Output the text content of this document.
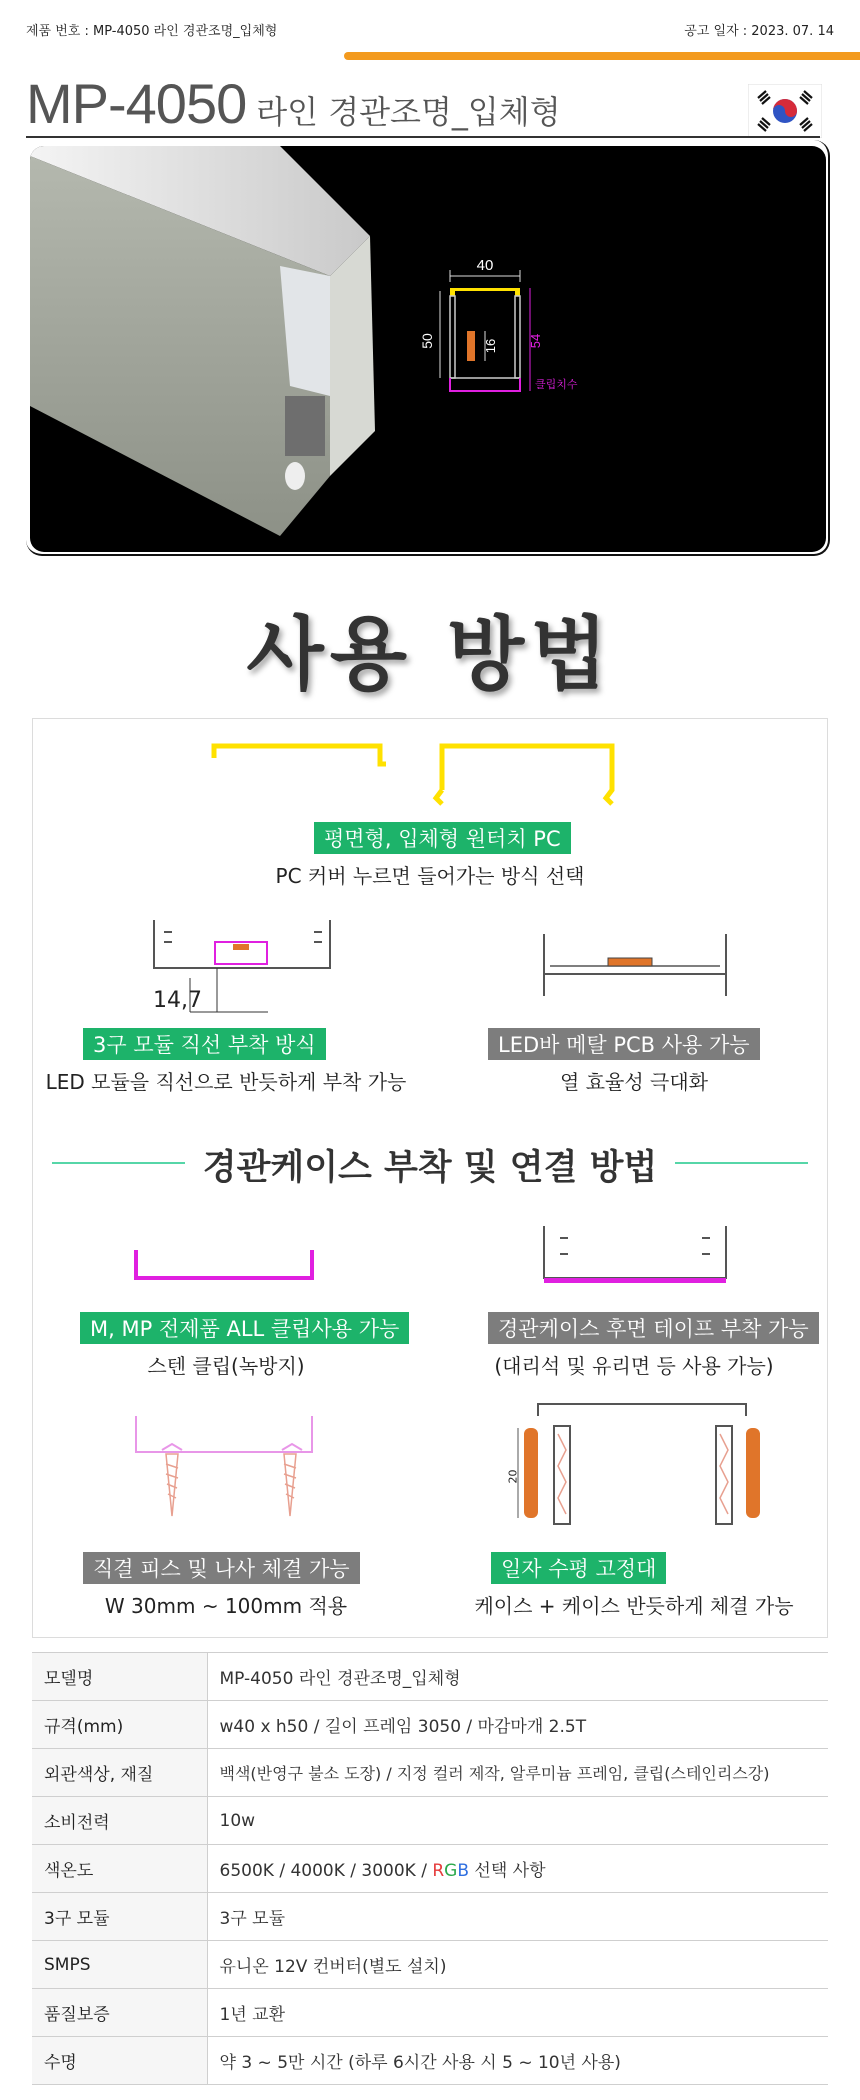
제품 번호 : MP-4050 라인 경관조명_입체형	공고 일자 : 2023. 07. 14
MP-4050 라인 경관조명_입체형
40
50	16 54
클립치수
사용 방법
평면형, 입체형 원터치 PC
PC 커버 누르면 들어가는 방식 선택
14,7
3구 모듈 직선 부착 방식
LED 모듈을 직선으로 반듯하게 부착 가능
LED바 메탈 PCB 사용 가능
열 효율성 극대화
경관케이스 부착 및 연결 방법
M, MP 전제품 ALL 클립사용 가능
스텐 클립(녹방지)
경관케이스 후면 테이프 부착 가능
(대리석 및 유리면 등 사용 가능)
직결 피스 및 나사 체결 가능
W 30mm ~ 100mm 적용
20
일자 수평 고정대
케이스 + 케이스 반듯하게 체결 가능
모델명	MP-4050 라인 경관조명_입체형
규격(mm)	w40 x h50 / 길이 프레임 3050 / 마감마개 2.5T
외관색상, 재질	백색(반영구 불소 도장) / 지정 컬러 제작, 알루미늄 프레임, 클립(스테인리스강)
소비전력	10w
색온도	6500K / 4000K / 3000K / RGB 선택 사항
3구 모듈	3구 모듈
SMPS	유니온 12V 컨버터(별도 설치)
품질보증	1년 교환
수명	약 3 ~ 5만 시간 (하루 6시간 사용 시 5 ~ 10년 사용)
